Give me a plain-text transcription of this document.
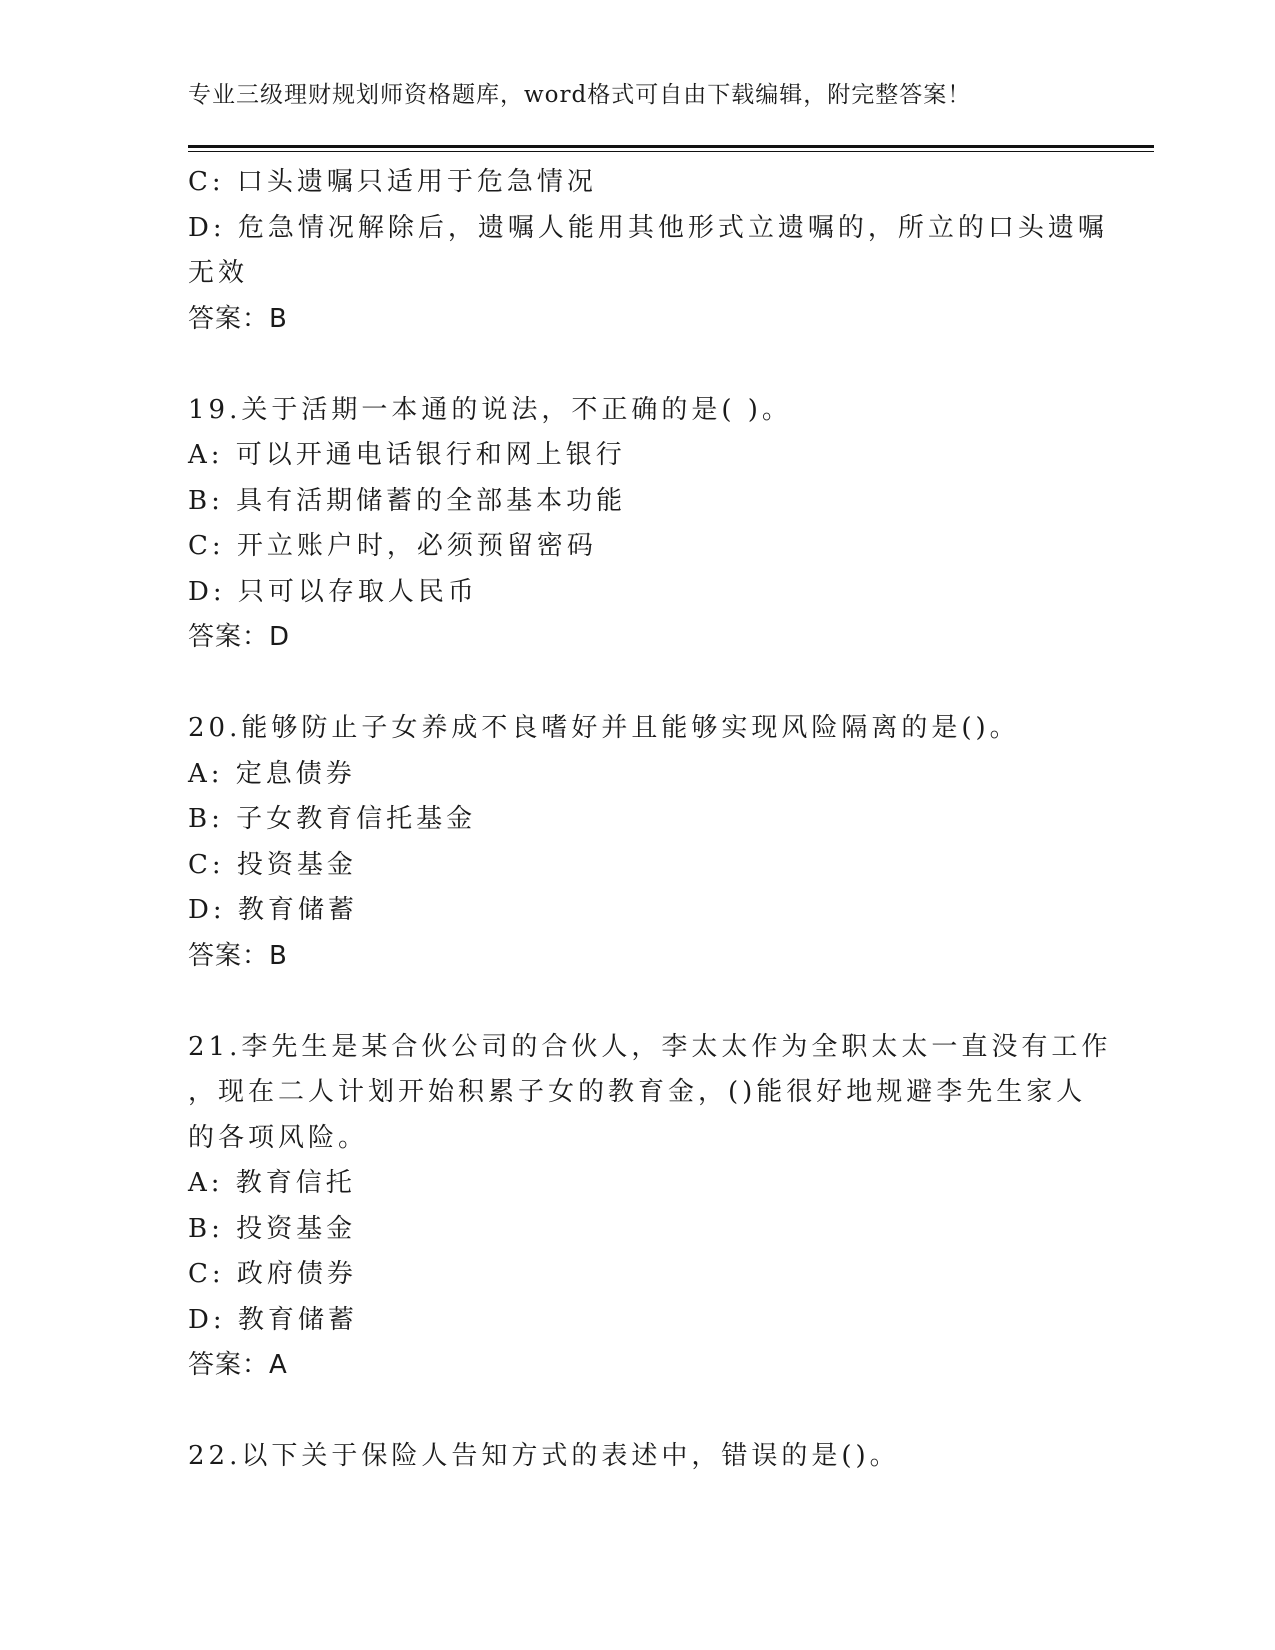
专业三级理财规划师资格题库，word格式可自由下载编辑，附完整答案！
C: 口头遗嘱只适用于危急情况
D: 危急情况解除后，遗嘱人能用其他形式立遗嘱的，所立的口头遗嘱
无效
答案：B
19.关于活期一本通的说法，不正确的是( )。
A: 可以开通电话银行和网上银行
B: 具有活期储蓄的全部基本功能
C: 开立账户时，必须预留密码
D: 只可以存取人民币
答案：D
20.能够防止子女养成不良嗜好并且能够实现风险隔离的是()。
A: 定息债券
B: 子女教育信托基金
C: 投资基金
D: 教育储蓄
答案：B
21.李先生是某合伙公司的合伙人，李太太作为全职太太一直没有工作
，现在二人计划开始积累子女的教育金，()能很好地规避李先生家人
的各项风险。
A: 教育信托
B: 投资基金
C: 政府债券
D: 教育储蓄
答案：A
22.以下关于保险人告知方式的表述中，错误的是()。
